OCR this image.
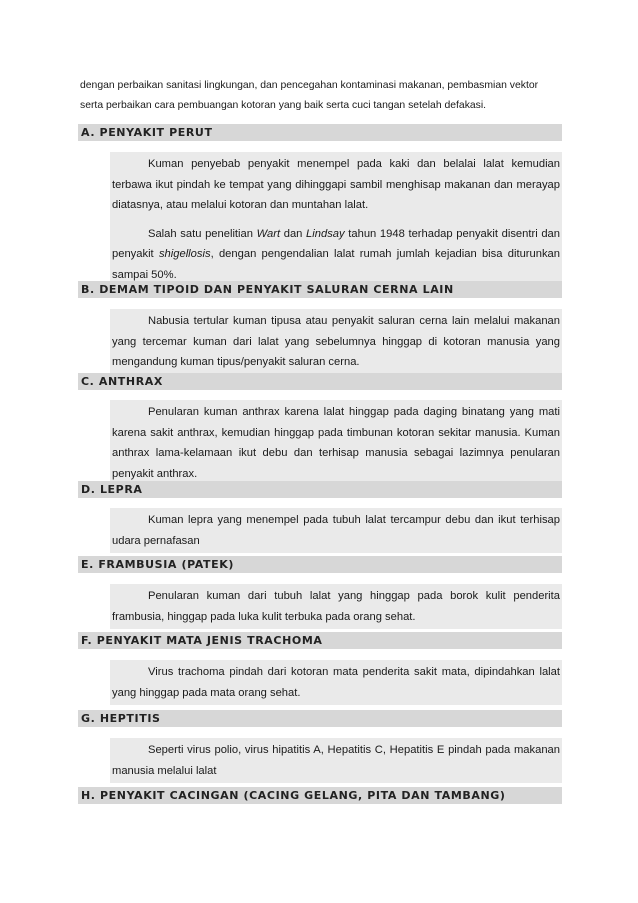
dengan perbaikan sanitasi lingkungan, dan pencegahan kontaminasi makanan, pembasmian vektor

serta perbaikan cara pembuangan kotoran yang baik serta cuci tangan setelah defakasi.

A. PENYAKIT PERUT

Kuman penyebab penyakit menempel pada kaki dan belalai lalat kemudian terbawa ikut pindah ke tempat yang dihinggapi sambil menghisap makanan dan merayap diatasnya, atau melalui kotoran dan muntahan lalat.

Salah satu penelitian Wart dan Lindsay tahun 1948 terhadap penyakit disentri dan penyakit shigellosis, dengan pengendalian lalat rumah jumlah kejadian bisa diturunkan sampai 50%.

B. DEMAM TIPOID DAN PENYAKIT SALURAN CERNA LAIN

Nabusia tertular kuman tipusa atau penyakit saluran cerna lain melalui makanan yang tercemar kuman dari lalat yang sebelumnya hinggap di kotoran manusia yang mengandung kuman tipus/penyakit saluran cerna.

C. ANTHRAX

Penularan kuman anthrax karena lalat hinggap pada daging binatang yang mati karena sakit anthrax, kemudian hinggap pada timbunan kotoran sekitar manusia. Kuman anthrax lama-kelamaan ikut debu dan terhisap manusia sebagai lazimnya penularan penyakit anthrax.

D. LEPRA

Kuman lepra yang menempel pada tubuh lalat tercampur debu dan ikut terhisap udara pernafasan

E. FRAMBUSIA (PATEK)

Penularan kuman dari tubuh lalat yang hinggap pada borok kulit penderita frambusia, hinggap pada luka kulit terbuka pada orang sehat.

F. PENYAKIT MATA JENIS TRACHOMA

Virus trachoma pindah dari kotoran mata penderita sakit mata, dipindahkan lalat yang hinggap pada mata orang sehat.

G. HEPTITIS

Seperti virus polio, virus hipatitis A, Hepatitis C, Hepatitis E pindah pada makanan manusia melalui lalat

H. PENYAKIT CACINGAN (CACING GELANG, PITA DAN TAMBANG)
